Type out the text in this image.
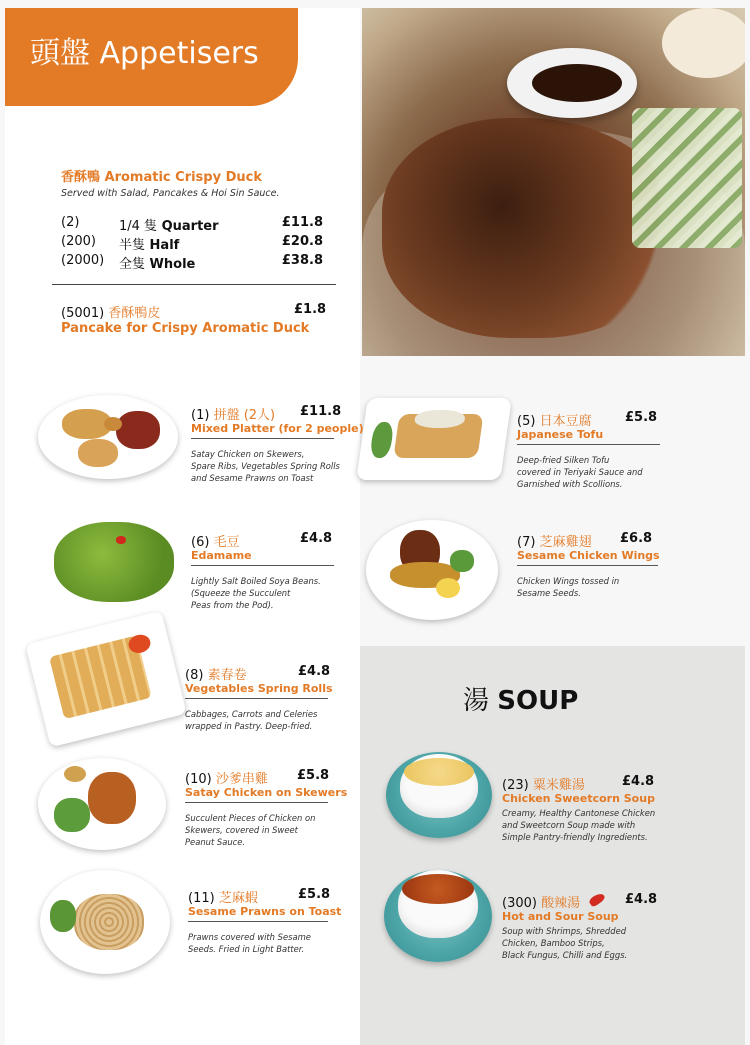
頭盤 Appetisers
香酥鴨 Aromatic Crispy Duck
Served with Salad, Pancakes & Hoi Sin Sauce.
(2)	1/4 隻 Quarter	£11.8
(200) 半隻 Half	£20.8
(2000) 全隻 Whole	£38.8
(5001) 香酥鴨皮	£1.8
Pancake for Crispy Aromatic Duck
(1) 拼盤 (2人) £11.8
Mixed Platter (for 2 people)
Satay Chicken on Skewers,
Spare Ribs, Vegetables Spring Rolls
and Sesame Prawns on Toast
(5) 日本豆腐	£5.8
Japanese Tofu
Deep-fried Silken Tofu
covered in Teriyaki Sauce and
Garnished with Scollions.
(6) 毛豆	£4.8
Edamame
Lightly Salt Boiled Soya Beans.
(Squeeze the Succulent
Peas from the Pod).
(7) 芝麻雞翅 £6.8
Sesame Chicken Wings
Chicken Wings tossed in
Sesame Seeds.
(8) 素春卷	£4.8
Vegetables Spring Rolls
Cabbages, Carrots and Celeries
wrapped in Pastry. Deep-fried.
(10) 沙爹串雞 £5.8
Satay Chicken on Skewers
Succulent Pieces of Chicken on
Skewers, covered in Sweet
Peanut Sauce.
(11) 芝麻蝦	£5.8
Sesame Prawns on Toast
Prawns covered with Sesame
Seeds. Fried in Light Batter.
湯 SOUP
(23) 粟米雞湯	£4.8
Chicken Sweetcorn Soup
Creamy, Healthy Cantonese Chicken
and Sweetcorn Soup made with
Simple Pantry-friendly Ingredients.
(300) 酸辣湯	£4.8
Hot and Sour Soup
Soup with Shrimps, Shredded
Chicken, Bamboo Strips,
Black Fungus, Chilli and Eggs.
